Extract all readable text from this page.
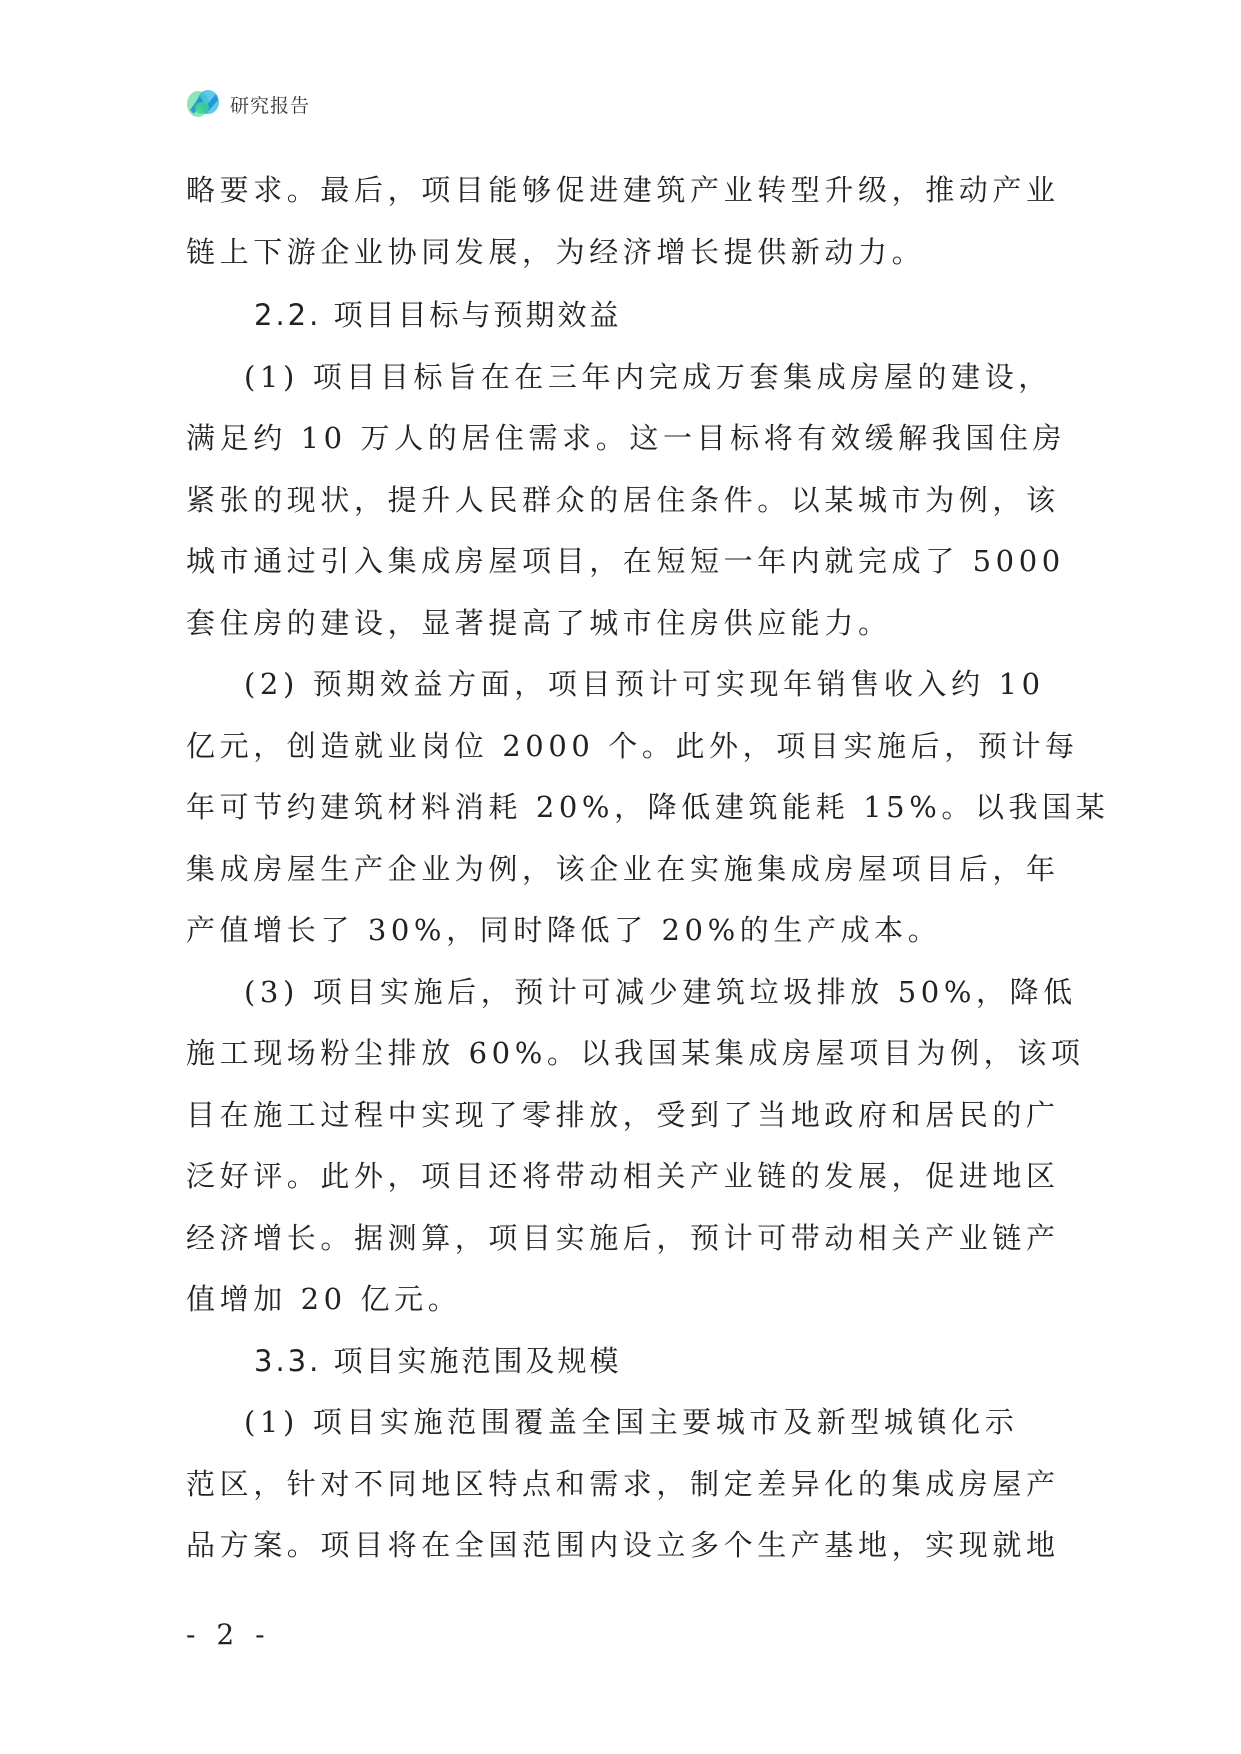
研究报告
略要求。最后，项目能够促进建筑产业转型升级，推动产业
链上下游企业协同发展，为经济增长提供新动力。
2.2. 项目目标与预期效益
(1) 项目目标旨在在三年内完成万套集成房屋的建设，
满足约 10 万人的居住需求。这一目标将有效缓解我国住房
紧张的现状，提升人民群众的居住条件。以某城市为例，该
城市通过引入集成房屋项目，在短短一年内就完成了 5000
套住房的建设，显著提高了城市住房供应能力。
(2) 预期效益方面，项目预计可实现年销售收入约 10
亿元，创造就业岗位 2000 个。此外，项目实施后，预计每
年可节约建筑材料消耗 20%，降低建筑能耗 15%。以我国某
集成房屋生产企业为例，该企业在实施集成房屋项目后，年
产值增长了 30%，同时降低了 20%的生产成本。
(3) 项目实施后，预计可减少建筑垃圾排放 50%，降低
施工现场粉尘排放 60%。以我国某集成房屋项目为例，该项
目在施工过程中实现了零排放，受到了当地政府和居民的广
泛好评。此外，项目还将带动相关产业链的发展，促进地区
经济增长。据测算，项目实施后，预计可带动相关产业链产
值增加 20 亿元。
3.3. 项目实施范围及规模
(1) 项目实施范围覆盖全国主要城市及新型城镇化示
范区，针对不同地区特点和需求，制定差异化的集成房屋产
品方案。项目将在全国范围内设立多个生产基地，实现就地
- 2 -
